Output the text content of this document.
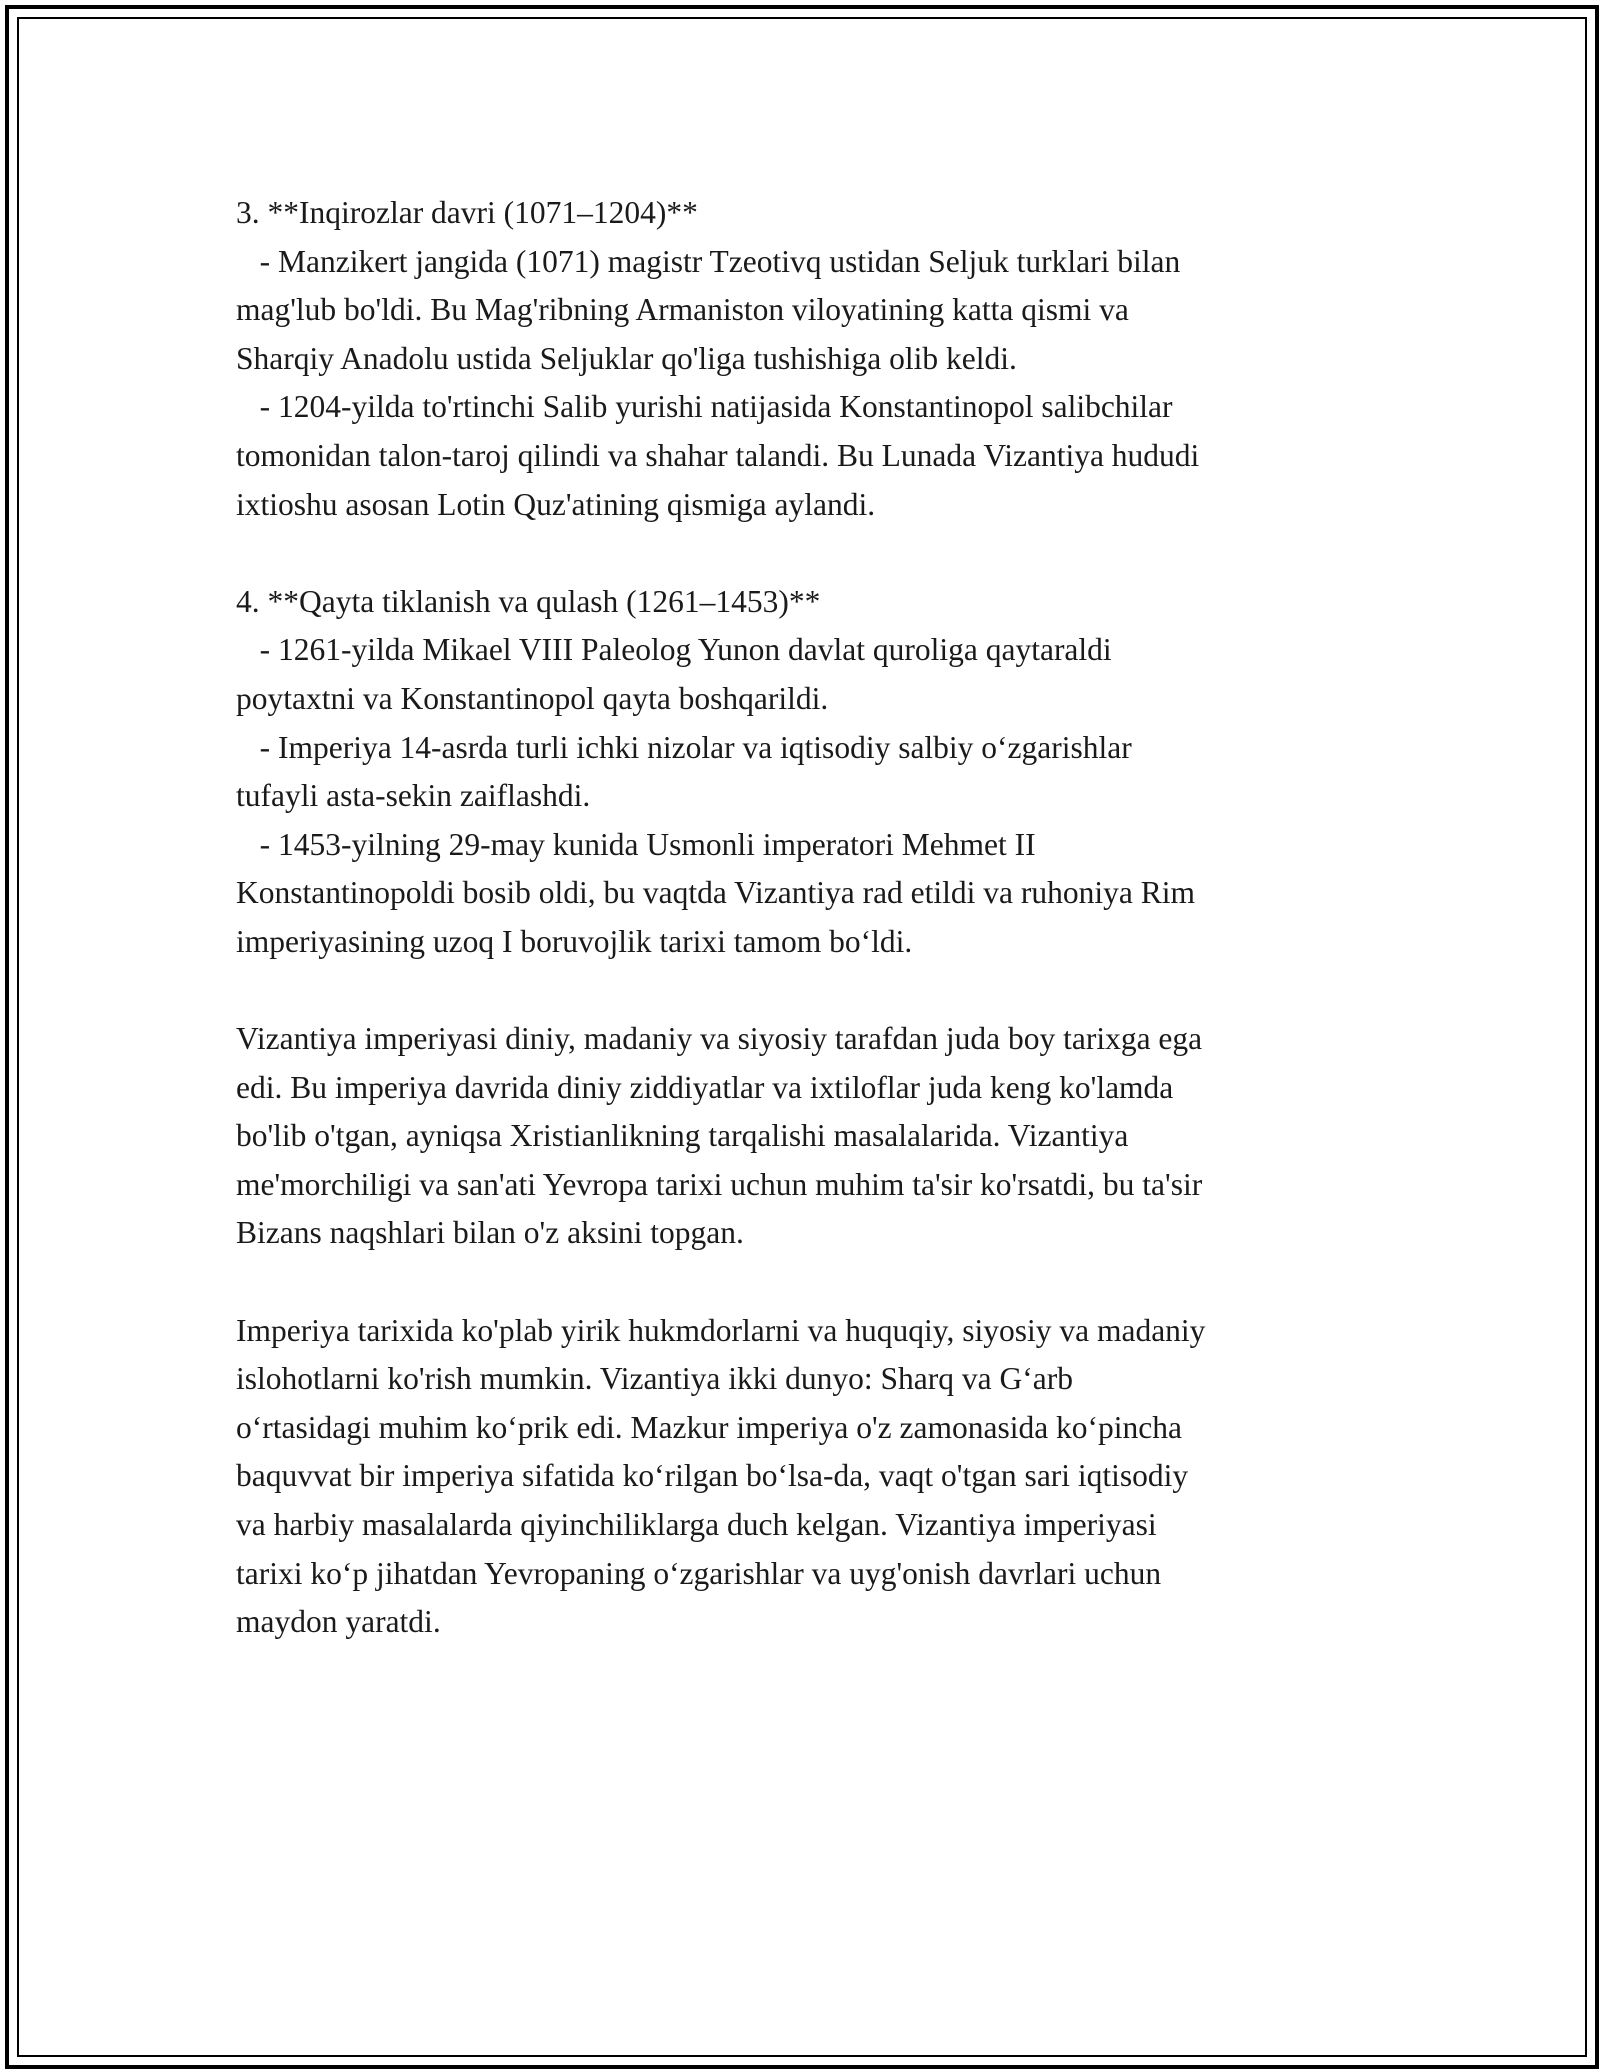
3. **Inqirozlar davri (1071–1204)**
- Manzikert jangida (1071) magistr Tzeotivq ustidan Seljuk turklari bilan
mag'lub bo'ldi. Bu Mag'ribning Armaniston viloyatining katta qismi va
Sharqiy Anadolu ustida Seljuklar qo'liga tushishiga olib keldi.
- 1204-yilda to'rtinchi Salib yurishi natijasida Konstantinopol salibchilar
tomonidan talon-taroj qilindi va shahar talandi. Bu Lunada Vizantiya hududi
ixtioshu asosan Lotin Quz'atining qismiga aylandi.
4. **Qayta tiklanish va qulash (1261–1453)**
- 1261-yilda Mikael VIII Paleolog Yunon davlat quroliga qaytaraldi
poytaxtni va Konstantinopol qayta boshqarildi.
- Imperiya 14-asrda turli ichki nizolar va iqtisodiy salbiy o‘zgarishlar
tufayli asta-sekin zaiflashdi.
- 1453-yilning 29-may kunida Usmonli imperatori Mehmet II
Konstantinopoldi bosib oldi, bu vaqtda Vizantiya rad etildi va ruhoniya Rim
imperiyasining uzoq I boruvojlik tarixi tamom bo‘ldi.
Vizantiya imperiyasi diniy, madaniy va siyosiy tarafdan juda boy tarixga ega
edi. Bu imperiya davrida diniy ziddiyatlar va ixtiloflar juda keng ko'lamda
bo'lib o'tgan, ayniqsa Xristianlikning tarqalishi masalalarida. Vizantiya
me'morchiligi va san'ati Yevropa tarixi uchun muhim ta'sir ko'rsatdi, bu ta'sir
Bizans naqshlari bilan o'z aksini topgan.
Imperiya tarixida ko'plab yirik hukmdorlarni va huquqiy, siyosiy va madaniy
islohotlarni ko'rish mumkin. Vizantiya ikki dunyo: Sharq va G‘arb
o‘rtasidagi muhim ko‘prik edi. Mazkur imperiya o'z zamonasida ko‘pincha
baquvvat bir imperiya sifatida ko‘rilgan bo‘lsa-da, vaqt o'tgan sari iqtisodiy
va harbiy masalalarda qiyinchiliklarga duch kelgan. Vizantiya imperiyasi
tarixi ko‘p jihatdan Yevropaning o‘zgarishlar va uyg'onish davrlari uchun
maydon yaratdi.
